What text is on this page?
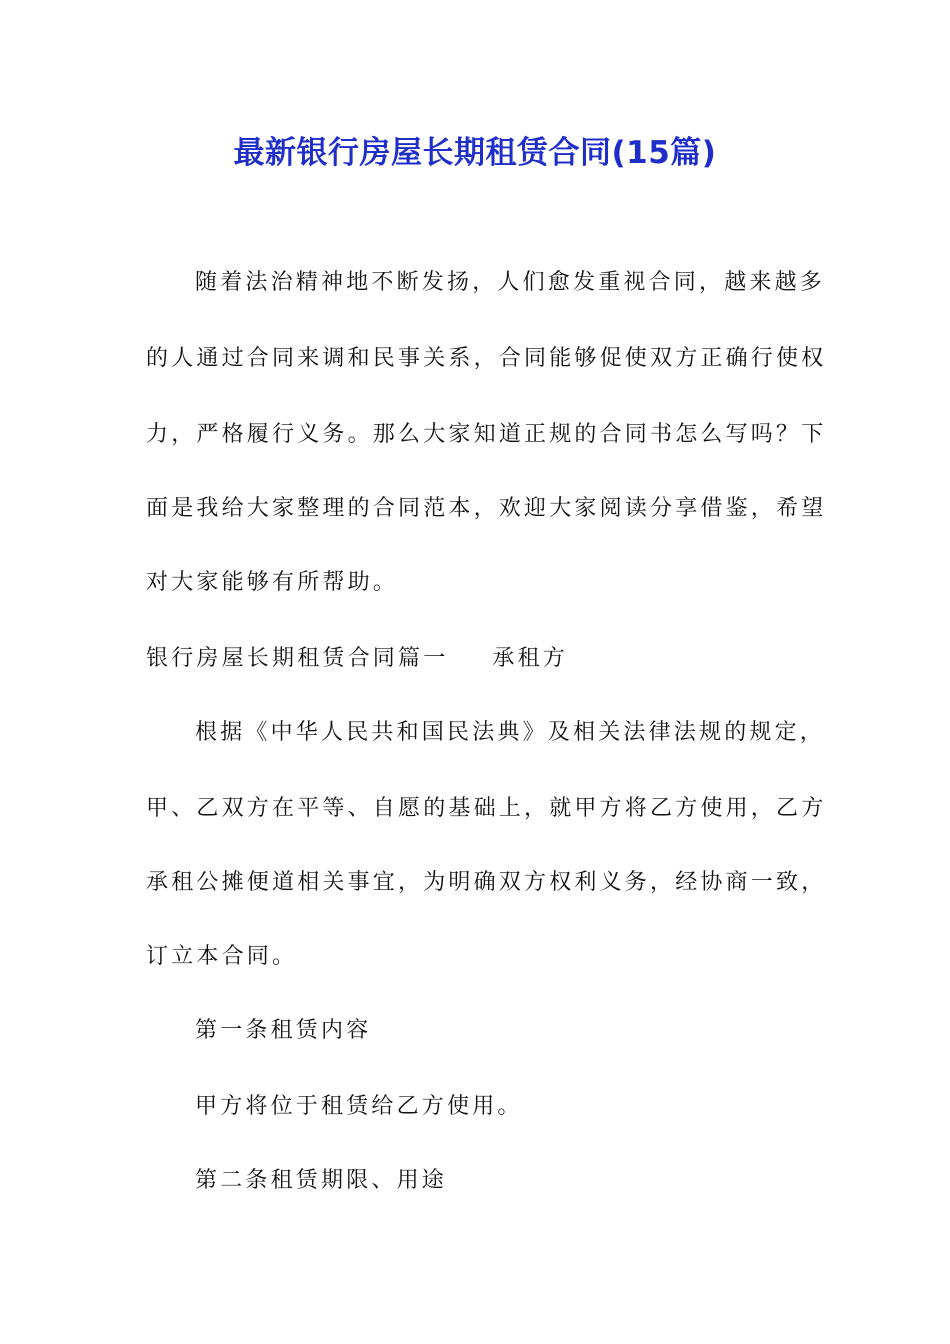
最新银行房屋长期租赁合同(15篇)
随着法治精神地不断发扬，人们愈发重视合同，越来越多
的人通过合同来调和民事关系，合同能够促使双方正确行使权
力，严格履行义务。那么大家知道正规的合同书怎么写吗？下
面是我给大家整理的合同范本，欢迎大家阅读分享借鉴，希望
对大家能够有所帮助。
银行房屋长期租赁合同篇一 承租方
根据《中华人民共和国民法典》及相关法律法规的规定，
甲、乙双方在平等、自愿的基础上，就甲方将乙方使用，乙方
承租公摊便道相关事宜，为明确双方权利义务，经协商一致，
订立本合同。
第一条租赁内容
甲方将位于租赁给乙方使用。
第二条租赁期限、用途
